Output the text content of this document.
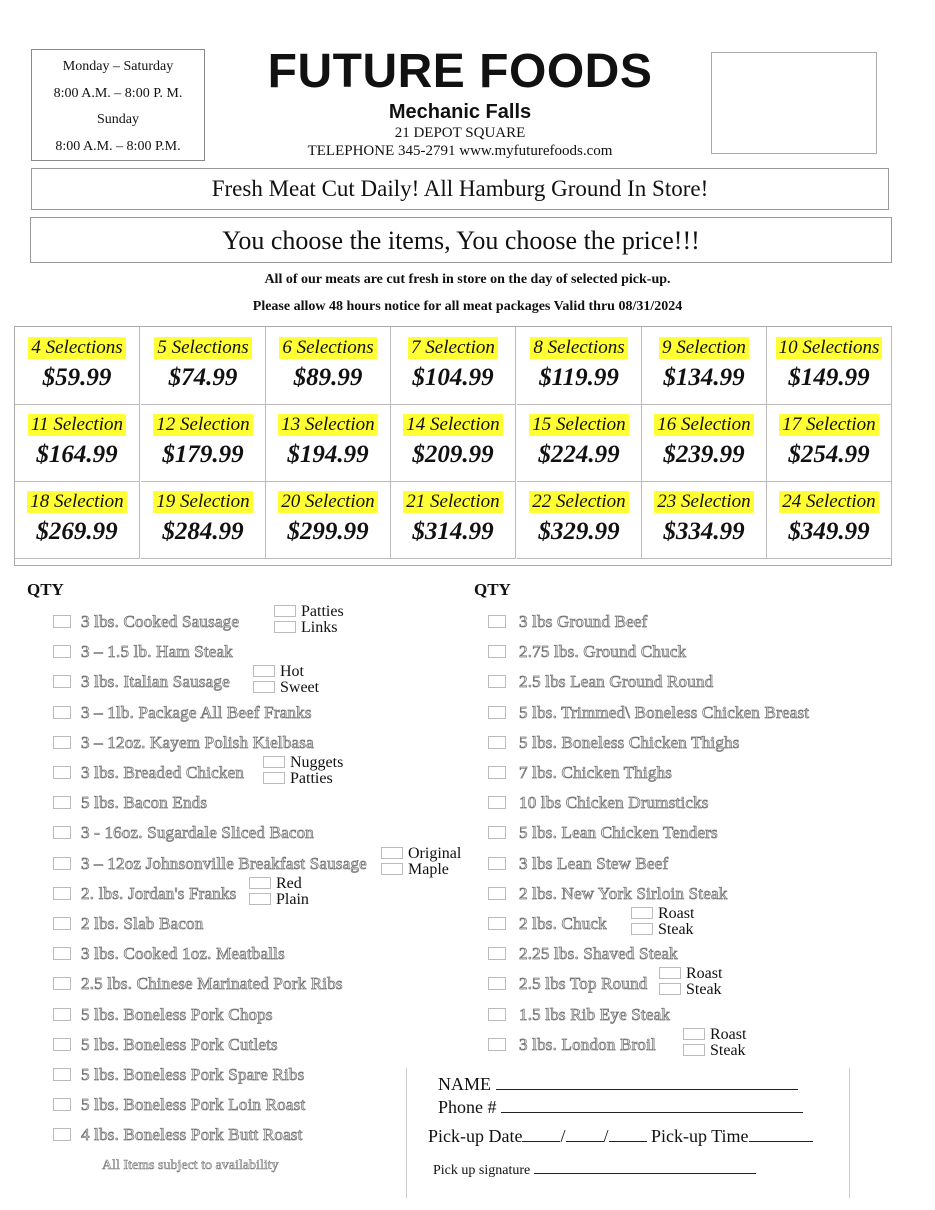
Monday – Saturday
8:00 A.M. – 8:00 P. M.
Sunday
8:00 A.M. – 8:00 P.M.
FUTURE FOODS
Mechanic Falls
21 DEPOT SQUARE
TELEPHONE 345-2791 www.myfuturefoods.com
Fresh Meat Cut Daily! All Hamburg Ground In Store!
You choose the items, You choose the price!!!
All of our meats are cut fresh in store on the day of selected pick-up.
Please allow 48 hours notice for all meat packages Valid thru 08/31/2024
4 Selections
$59.99
5 Selections
$74.99
6 Selections
$89.99
7 Selection
$104.99
8 Selections
$119.99
9 Selection
$134.99
10 Selections
$149.99
11 Selection
$164.99
12 Selection
$179.99
13 Selection
$194.99
14 Selection
$209.99
15 Selection
$224.99
16 Selection
$239.99
17 Selection
$254.99
18 Selection
$269.99
19 Selection
$284.99
20 Selection
$299.99
21 Selection
$314.99
22 Selection
$329.99
23 Selection
$334.99
24 Selection
$349.99
QTY	QTY
3 lbs. Cooked Sausage
Patties
Links
3 – 1.5 lb. Ham Steak
3 lbs. Italian Sausage
Hot
Sweet
3 – 1lb. Package All Beef Franks
3 – 12oz. Kayem Polish Kielbasa
3 lbs. Breaded Chicken
Nuggets
Patties
5 lbs. Bacon Ends
3 - 16oz. Sugardale Sliced Bacon
3 – 12oz Johnsonville Breakfast Sausage
Original
Maple
2. lbs. Jordan's Franks
Red
Plain
2 lbs. Slab Bacon
3 lbs. Cooked 1oz. Meatballs
2.5 lbs. Chinese Marinated Pork Ribs
5 lbs. Boneless Pork Chops
5 lbs. Boneless Pork Cutlets
5 lbs. Boneless Pork Spare Ribs
5 lbs. Boneless Pork Loin Roast
4 lbs. Boneless Pork Butt Roast
3 lbs Ground Beef
2.75 lbs. Ground Chuck
2.5 lbs Lean Ground Round
5 lbs. Trimmed\ Boneless Chicken Breast
5 lbs. Boneless Chicken Thighs
7 lbs. Chicken Thighs
10 lbs Chicken Drumsticks
5 lbs. Lean Chicken Tenders
3 lbs Lean Stew Beef
2 lbs. New York Sirloin Steak
2 lbs. Chuck
Roast
Steak
2.25 lbs. Shaved Steak
2.5 lbs Top Round
Roast
Steak
1.5 lbs Rib Eye Steak
3 lbs. London Broil
Roast
Steak
All Items subject to availability
NAME
Phone #
Pick-up Date / / Pick-up Time
Pick up signature
